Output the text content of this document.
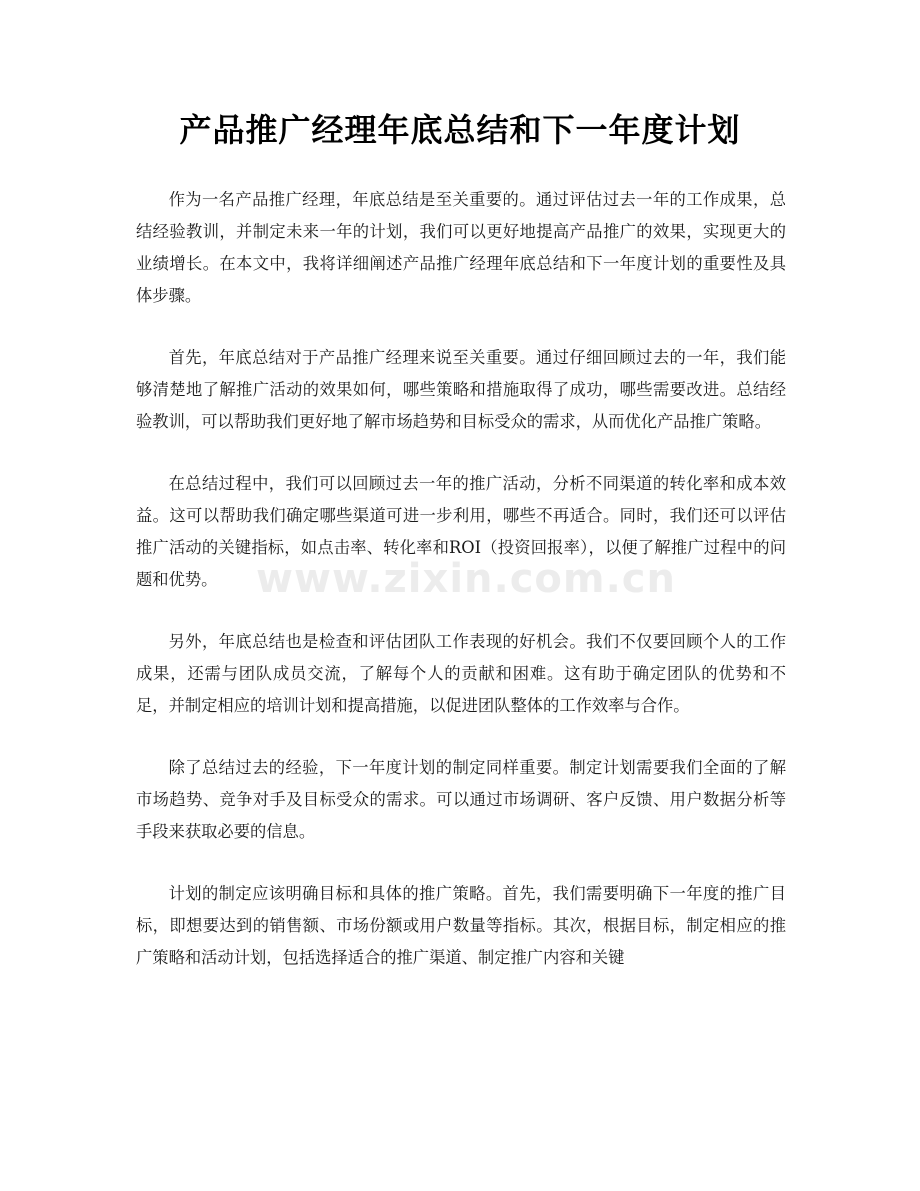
产品推广经理年底总结和下一年度计划

作为一名产品推广经理，年底总结是至关重要的。通过评估过去一年的工作成果，总结经验教训，并制定未来一年的计划，我们可以更好地提高产品推广的效果，实现更大的业绩增长。在本文中，我将详细阐述产品推广经理年底总结和下一年度计划的重要性及具体步骤。

首先，年底总结对于产品推广经理来说至关重要。通过仔细回顾过去的一年，我们能够清楚地了解推广活动的效果如何，哪些策略和措施取得了成功，哪些需要改进。总结经验教训，可以帮助我们更好地了解市场趋势和目标受众的需求，从而优化产品推广策略。

在总结过程中，我们可以回顾过去一年的推广活动，分析不同渠道的转化率和成本效益。这可以帮助我们确定哪些渠道可进一步利用，哪些不再适合。同时，我们还可以评估推广活动的关键指标，如点击率、转化率和ROI（投资回报率），以便了解推广过程中的问题和优势。

另外，年底总结也是检查和评估团队工作表现的好机会。我们不仅要回顾个人的工作成果，还需与团队成员交流，了解每个人的贡献和困难。这有助于确定团队的优势和不足，并制定相应的培训计划和提高措施，以促进团队整体的工作效率与合作。

除了总结过去的经验，下一年度计划的制定同样重要。制定计划需要我们全面的了解市场趋势、竞争对手及目标受众的需求。可以通过市场调研、客户反馈、用户数据分析等手段来获取必要的信息。

计划的制定应该明确目标和具体的推广策略。首先，我们需要明确下一年度的推广目标，即想要达到的销售额、市场份额或用户数量等指标。其次，根据目标，制定相应的推广策略和活动计划，包括选择适合的推广渠道、制定推广内容和关键

www.zixin.com.cn
